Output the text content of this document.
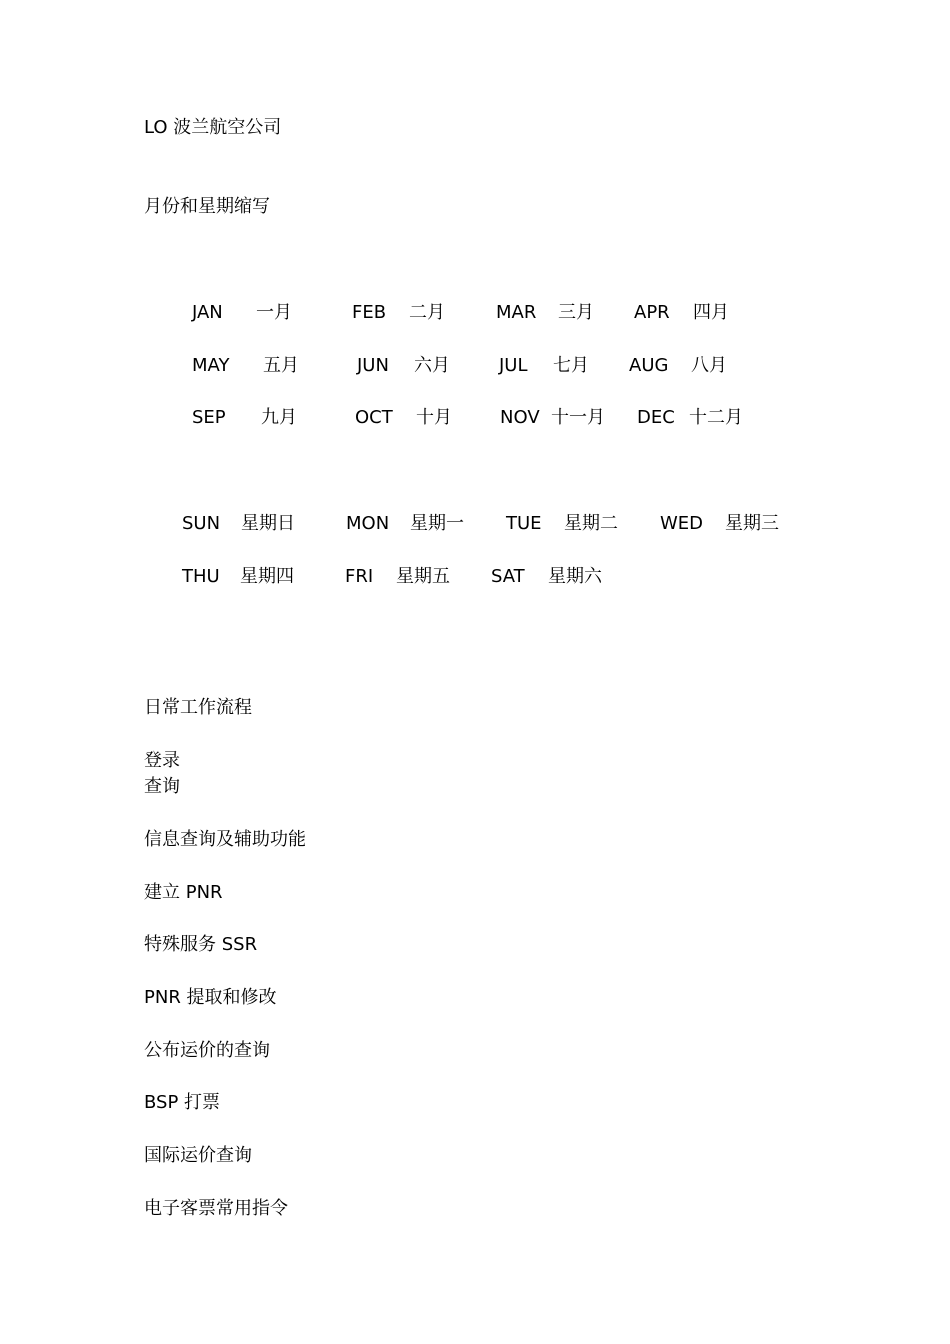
LO 波兰航空公司
月份和星期缩写
JAN 一月	FEB 二月	MAR 三月 APR 四月
MAY 五月	JUN 六月	JUL 七月 AUG 八月
SEP 九月	OCT 十月	NOV 十一月 DEC 十二月
SUN 星期日	MON 星期一 TUE 星期二 WED 星期三
THU 星期四	FRI 星期五 SAT 星期六
日常工作流程
登录
查询
信息查询及辅助功能
建立 PNR
特殊服务 SSR
PNR 提取和修改
公布运价的查询
BSP 打票
国际运价查询
电子客票常用指令
